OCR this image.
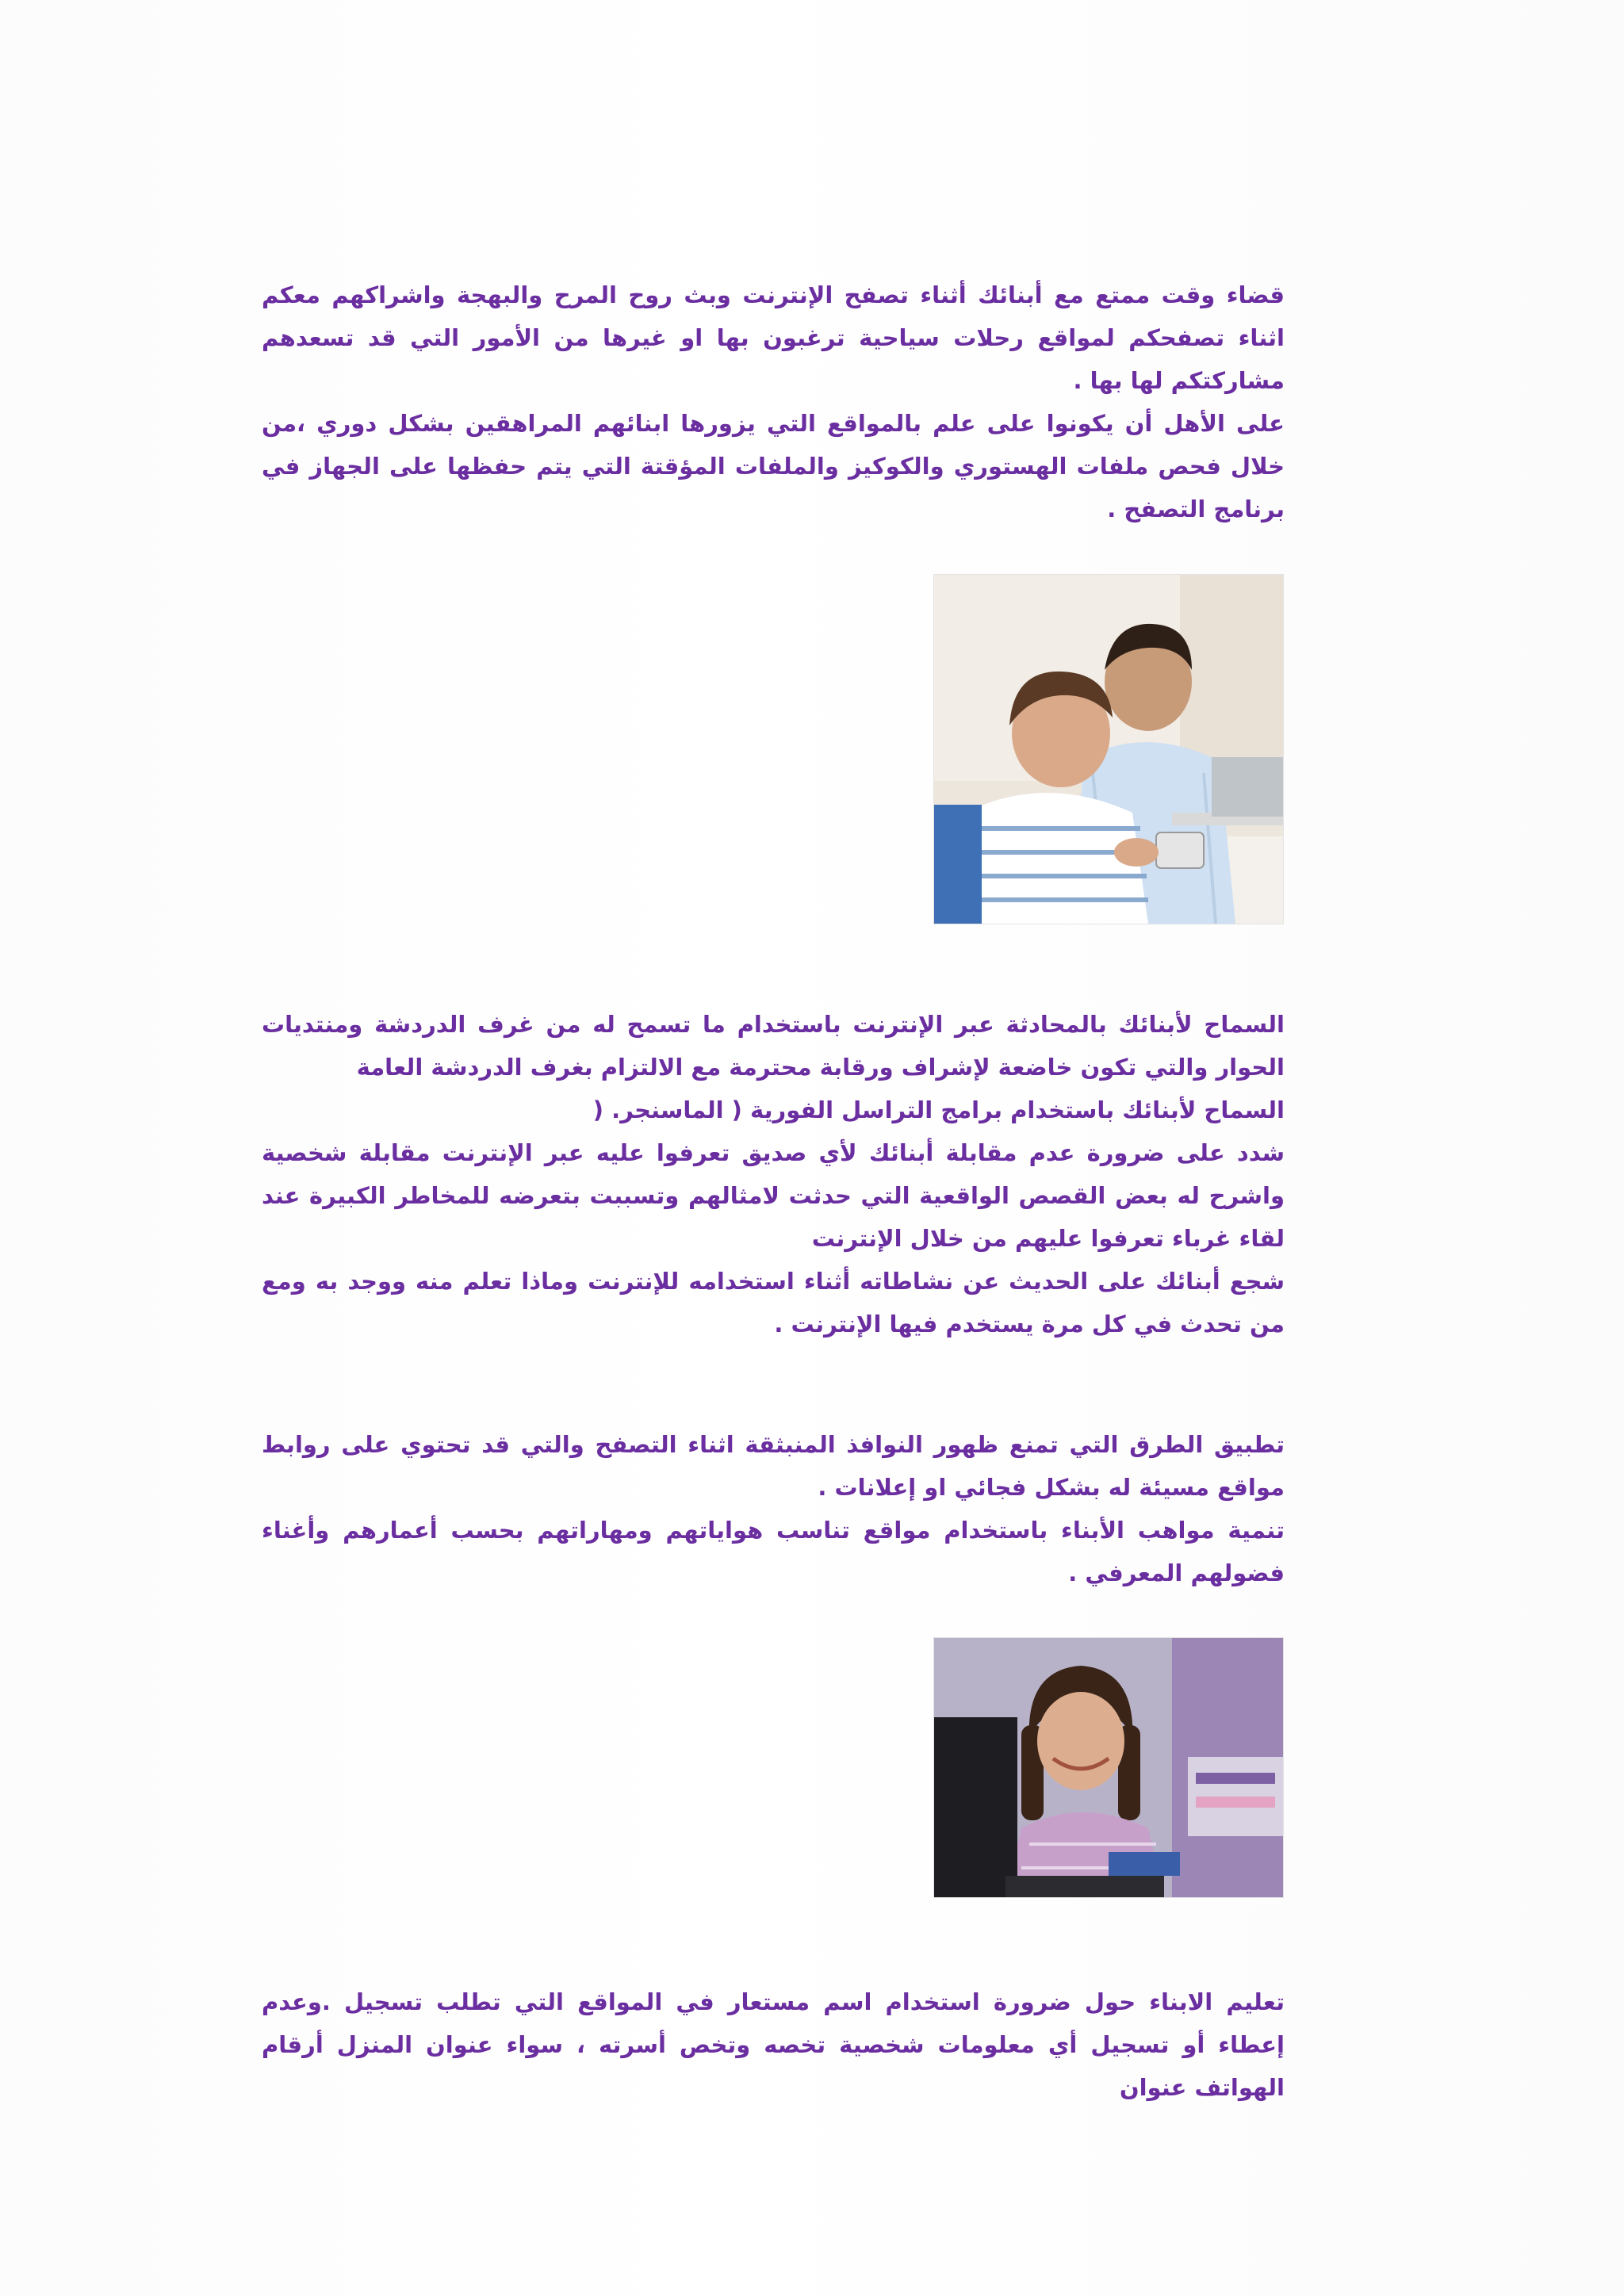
قضاء وقت ممتع مع أبنائك أثناء تصفح الإنترنت وبث روح المرح والبهجة واشراكهم معكم اثناء تصفحكم لمواقع رحلات سياحية ترغبون بها او غيرها من الأمور التي قد تسعدهم مشاركتكم لها بها .

على الأهل أن يكونوا على علم بالمواقع التي يزورها ابنائهم المراهقين بشكل دوري ،من خلال فحص ملفات الهستوري والكوكيز والملفات المؤقتة التي يتم حفظها على الجهاز في برنامج التصفح .

السماح لأبنائك بالمحادثة عبر الإنترنت باستخدام ما تسمح له من غرف الدردشة ومنتديات الحوار والتي تكون خاضعة لإشراف ورقابة محترمة مع الالتزام بغرف الدردشة العامة

السماح لأبنائك باستخدام برامج التراسل الفورية ( الماسنجر. (

شدد على ضرورة عدم مقابلة أبنائك لأي صديق تعرفوا عليه عبر الإنترنت مقابلة شخصية واشرح له بعض القصص الواقعية التي حدثت لامثالهم وتسببت بتعرضه للمخاطر الكبيرة عند لقاء غرباء تعرفوا عليهم من خلال الإنترنت

شجع أبنائك على الحديث عن نشاطاته أثناء استخدامه للإنترنت وماذا تعلم منه ووجد به ومع من تحدث في كل مرة يستخدم فيها الإنترنت .

تطبيق الطرق التي تمنع ظهور النوافذ المنبثقة اثناء التصفح والتي قد تحتوي على روابط مواقع مسيئة له بشكل فجائي او إعلانات .

تنمية مواهب الأبناء باستخدام مواقع تناسب هواياتهم ومهاراتهم بحسب أعمارهم وأغناء فضولهم المعرفي .

تعليم الابناء حول ضرورة استخدام اسم مستعار في المواقع التي تطلب تسجيل .وعدم إعطاء أو تسجيل أي معلومات شخصية تخصه وتخص أسرته ، سواء عنوان المنزل أرقام الهواتف عنوان
